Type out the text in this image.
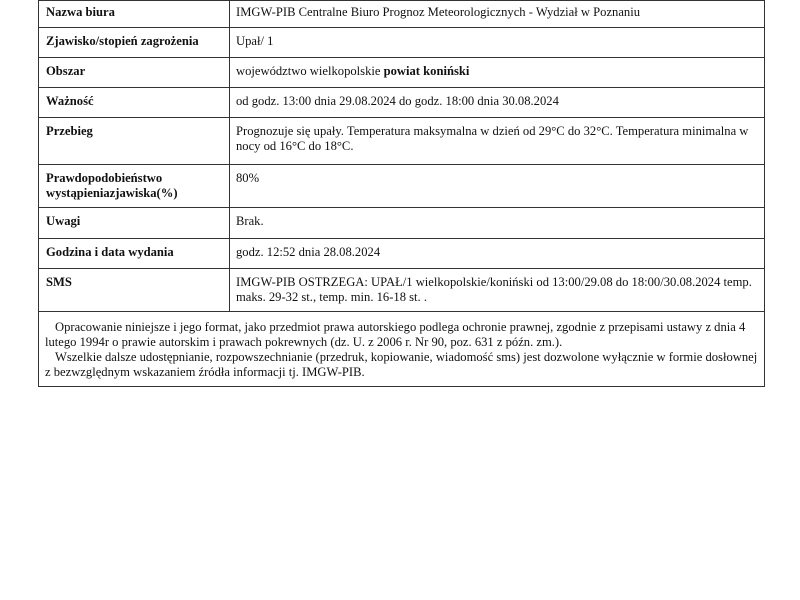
Nazwa biura	IMGW-PIB Centralne Biuro Prognoz Meteorologicznych - Wydział w Poznaniu
Zjawisko/stopień zagrożenia	Upał/ 1
Obszar	województwo wielkopolskie powiat koniński
Ważność	od godz. 13:00 dnia 29.08.2024 do godz. 18:00 dnia 30.08.2024
Przebieg	Prognozuje się upały. Temperatura maksymalna w dzień od 29°C do 32°C. Temperatura minimalna w nocy od 16°C do 18°C.
Prawdopodobieństwo wystąpieniazjawiska(%)	80%
Uwagi	Brak.
Godzina i data wydania	godz. 12:52 dnia 28.08.2024
SMS	IMGW-PIB OSTRZEGA: UPAŁ/1 wielkopolskie/koniński od 13:00/29.08 do 18:00/30.08.2024 temp. maks. 29-32 st., temp. min. 16-18 st. .

Opracowanie niniejsze i jego format, jako przedmiot prawa autorskiego podlega ochronie prawnej, zgodnie z przepisami ustawy z dnia 4 lutego 1994r o prawie autorskim i prawach pokrewnych (dz. U. z 2006 r. Nr 90, poz. 631 z późn. zm.).

Wszelkie dalsze udostępnianie, rozpowszechnianie (przedruk, kopiowanie, wiadomość sms) jest dozwolone wyłącznie w formie dosłownej z bezwzględnym wskazaniem źródła informacji tj. IMGW-PIB.
